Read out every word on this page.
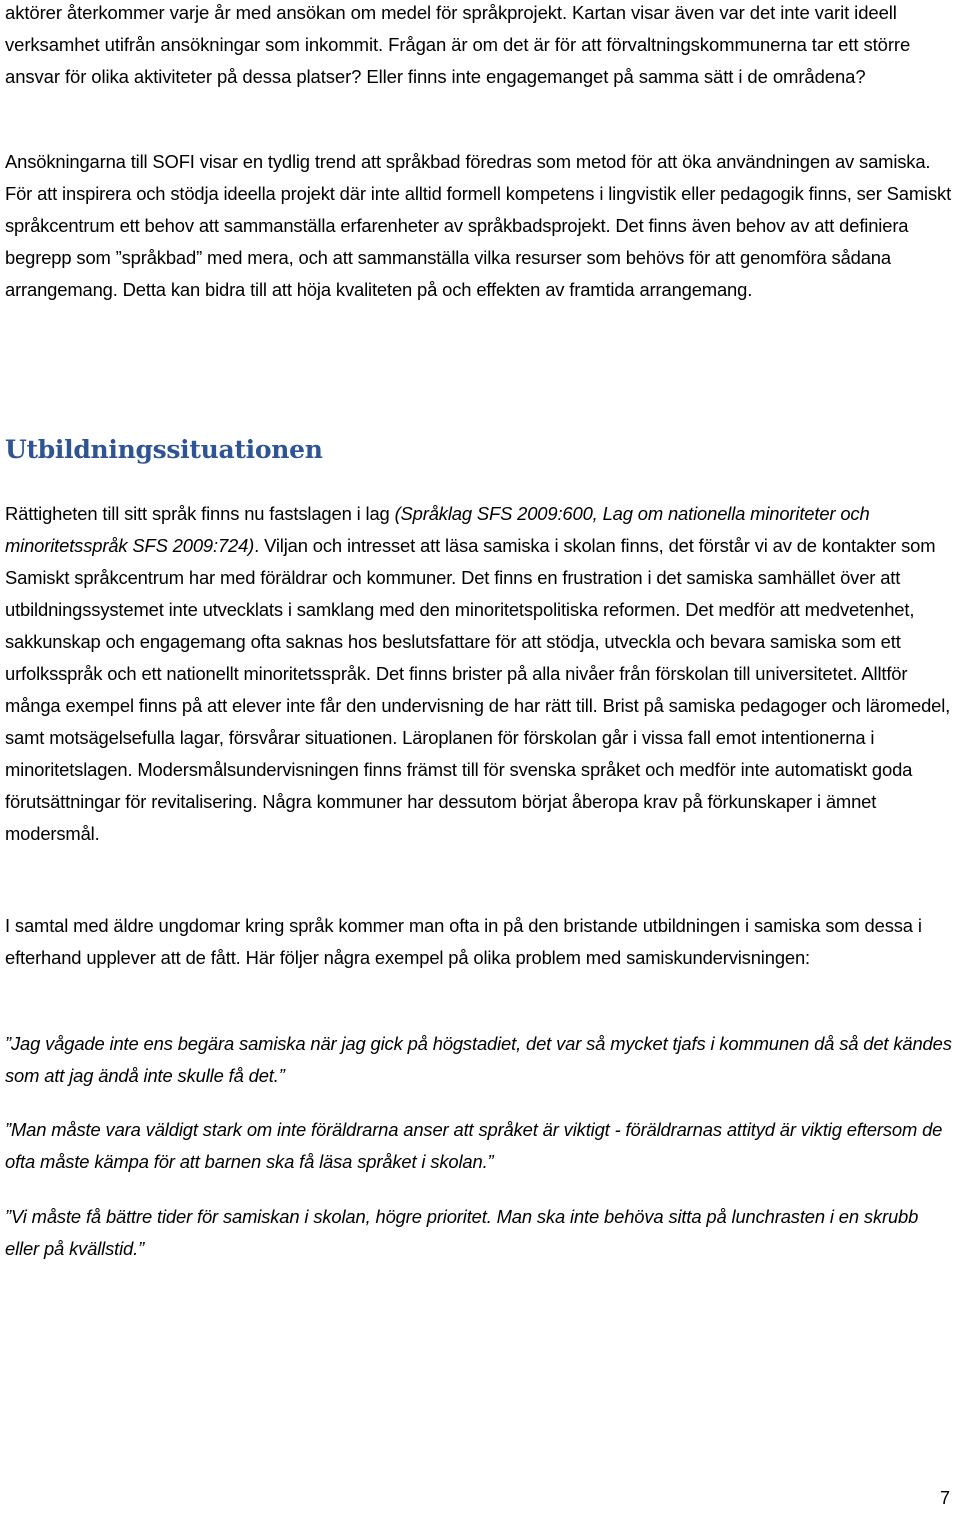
aktörer återkommer varje år med ansökan om medel för språkprojekt. Kartan visar även var det inte varit ideell verksamhet utifrån ansökningar som inkommit. Frågan är om det är för att förvaltningskommunerna tar ett större ansvar för olika aktiviteter på dessa platser? Eller finns inte engagemanget på samma sätt i de områdena?

Ansökningarna till SOFI visar en tydlig trend att språkbad föredras som metod för att öka användningen av samiska. För att inspirera och stödja ideella projekt där inte alltid formell kompetens i lingvistik eller pedagogik finns, ser Samiskt språkcentrum ett behov att sammanställa erfarenheter av språkbadsprojekt. Det finns även behov av att definiera begrepp som ”språkbad” med mera, och att sammanställa vilka resurser som behövs för att genomföra sådana arrangemang. Detta kan bidra till att höja kvaliteten på och effekten av framtida arrangemang.

Utbildningssituationen

Rättigheten till sitt språk finns nu fastslagen i lag (Språklag SFS 2009:600, Lag om nationella minoriteter och minoritetsspråk SFS 2009:724). Viljan och intresset att läsa samiska i skolan finns, det förstår vi av de kontakter som Samiskt språkcentrum har med föräldrar och kommuner. Det finns en frustration i det samiska samhället över att utbildningssystemet inte utvecklats i samklang med den minoritetspolitiska reformen. Det medför att medvetenhet, sakkunskap och engagemang ofta saknas hos beslutsfattare för att stödja, utveckla och bevara samiska som ett urfolksspråk och ett nationellt minoritetsspråk. Det finns brister på alla nivåer från förskolan till universitetet. Alltför många exempel finns på att elever inte får den undervisning de har rätt till. Brist på samiska pedagoger och läromedel, samt motsägelsefulla lagar, försvårar situationen. Läroplanen för förskolan går i vissa fall emot intentionerna i minoritetslagen. Modersmålsundervisningen finns främst till för svenska språket och medför inte automatiskt goda förutsättningar för revitalisering. Några kommuner har dessutom börjat åberopa krav på förkunskaper i ämnet modersmål.

I samtal med äldre ungdomar kring språk kommer man ofta in på den bristande utbildningen i samiska som dessa i efterhand upplever att de fått. Här följer några exempel på olika problem med samiskundervisningen:

”Jag vågade inte ens begära samiska när jag gick på högstadiet, det var så mycket tjafs i kommunen då så det kändes som att jag ändå inte skulle få det.”

”Man måste vara väldigt stark om inte föräldrarna anser att språket är viktigt - föräldrarnas attityd är viktig eftersom de ofta måste kämpa för att barnen ska få läsa språket i skolan.”

”Vi måste få bättre tider för samiskan i skolan, högre prioritet. Man ska inte behöva sitta på lunchrasten i en skrubb eller på kvällstid.”

7
